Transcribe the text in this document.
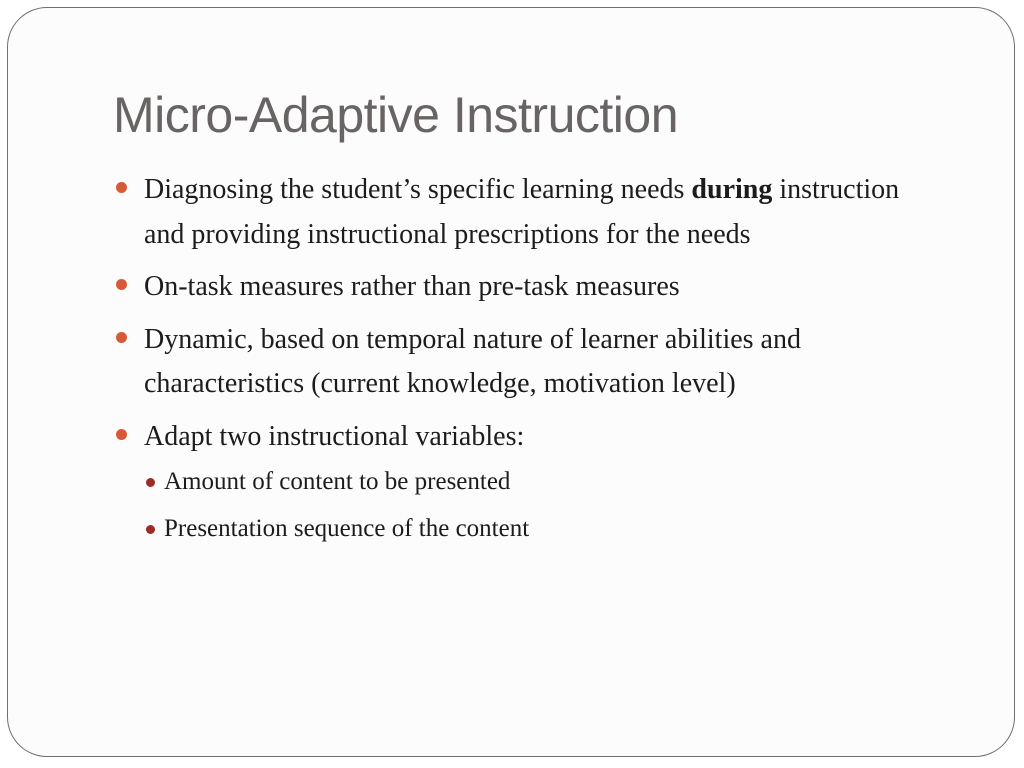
Micro-Adaptive Instruction
Diagnosing the student’s specific learning needs during instruction and providing instructional prescriptions for the needs
On-task measures rather than pre-task measures
Dynamic, based on temporal nature of learner abilities and characteristics (current knowledge, motivation level)
Adapt two instructional variables:
Amount of content to be presented
Presentation sequence of the content
